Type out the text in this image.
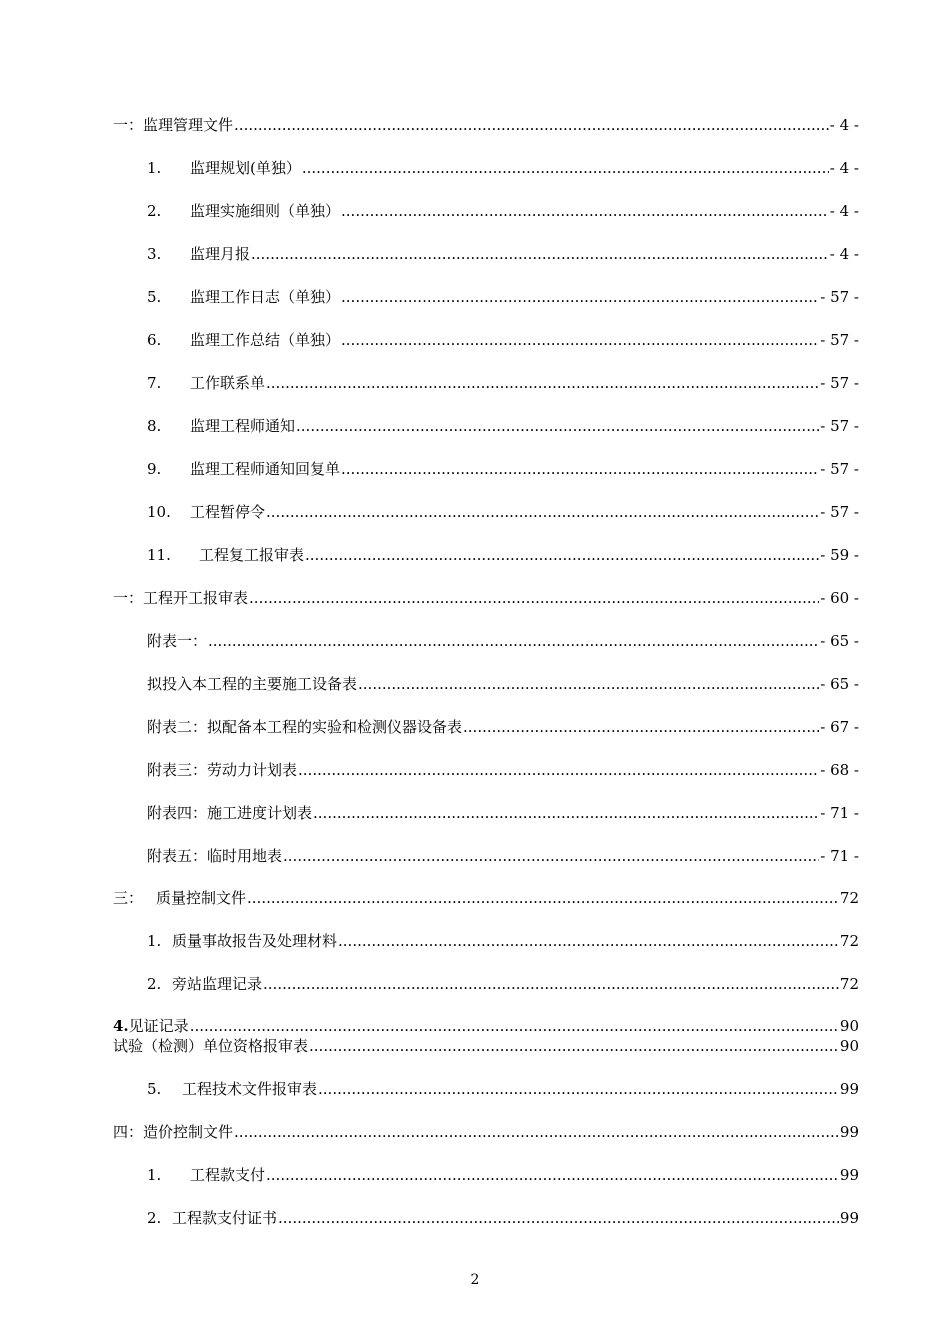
一： 监理管理文件 .....	- 4 -
1.	监理规划(单独） .....	- 4 -
2.	监理实施细则（单独） .....	- 4 -
3.	监理月报 .....	- 4 -
5.	监理工作日志（单独） .....	- 57 -
6.	监理工作总结（单独） .....	- 57 -
7.	工作联系单 .....	- 57 -
8.	监理工程师通知 .....	- 57 -
9.	监理工程师通知回复单 .....	- 57 -
10.	工程暂停令 .....	- 57 -
11.	工程复工报审表 .....	- 59 -
一： 工程开工报审表 .....	- 60 -
附表一： .....	- 65 -
拟投入本工程的主要施工设备表 .....	- 65 -
附表二：拟配备本工程的实验和检测仪器设备表 .....	- 67 -
附表三：劳动力计划表 .....	- 68 -
附表四：施工进度计划表 .....	- 71 -
附表五：临时用地表 .....	- 71 -
三： 质量控制文件 .....	72
1. 质量事故报告及处理材料 .....	72
2. 旁站监理记录 .....	72
4. 见证记录 .....	90
试验（检测）单位资格报审表 .....	90
5.	工程技术文件报审表 .....	99
四： 造价控制文件 .....	99
1.	工程款支付 .....	99
2. 工程款支付证书 .....	99
2
